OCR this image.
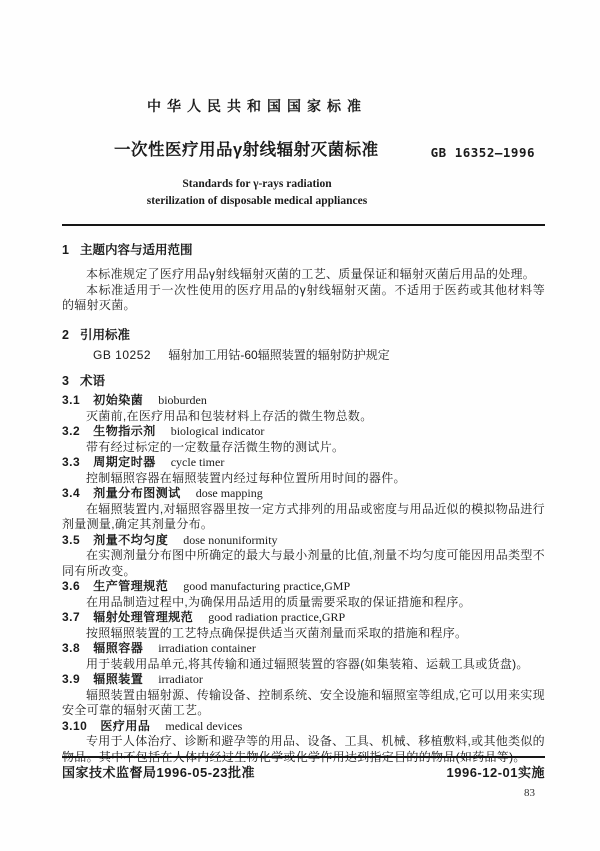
中华人民共和国国家标准
一次性医疗用品γ射线辐射灭菌标准	GB 16352—1996
Standards for γ-rays radiation
sterilization of disposable medical appliances
1 主题内容与适用范围

本标准规定了医疗用品γ射线辐射灭菌的工艺、质量保证和辐射灭菌后用品的处理。

本标准适用于一次性使用的医疗用品的γ射线辐射灭菌。不适用于医药或其他材料等的辐射灭菌。

2 引用标准
GB 10252 辐射加工用钴-60辐照装置的辐射防护规定
3 术语
3.1 初始染菌 bioburden

灭菌前,在医疗用品和包装材料上存活的微生物总数。

3.2 生物指示剂 biological indicator

带有经过标定的一定数量存活微生物的测试片。

3.3 周期定时器 cycle timer

控制辐照容器在辐照装置内经过每种位置所用时间的器件。

3.4 剂量分布图测试 dose mapping

在辐照装置内,对辐照容器里按一定方式排列的用品或密度与用品近似的模拟物品进行剂量测量,确定其剂量分布。

3.5 剂量不均匀度 dose nonuniformity

在实测剂量分布图中所确定的最大与最小剂量的比值,剂量不均匀度可能因用品类型不同有所改变。

3.6 生产管理规范 good manufacturing practice,GMP

在用品制造过程中,为确保用品适用的质量需要采取的保证措施和程序。

3.7 辐射处理管理规范 good radiation practice,GRP

按照辐照装置的工艺特点确保提供适当灭菌剂量而采取的措施和程序。

3.8 辐照容器 irradiation container

用于装载用品单元,将其传输和通过辐照装置的容器(如集装箱、运载工具或货盘)。

3.9 辐照装置 irradiator

辐照装置由辐射源、传输设备、控制系统、安全设施和辐照室等组成,它可以用来实现安全可靠的辐射灭菌工艺。

3.10 医疗用品 medical devices

专用于人体治疗、诊断和避孕等的用品、设备、工具、机械、移植敷料,或其他类似的物品。其中不包括在人体内经过生物化学或化学作用达到指定目的的物品(如药品等)。

国家技术监督局1996-05-23批准	1996-12-01实施
83
